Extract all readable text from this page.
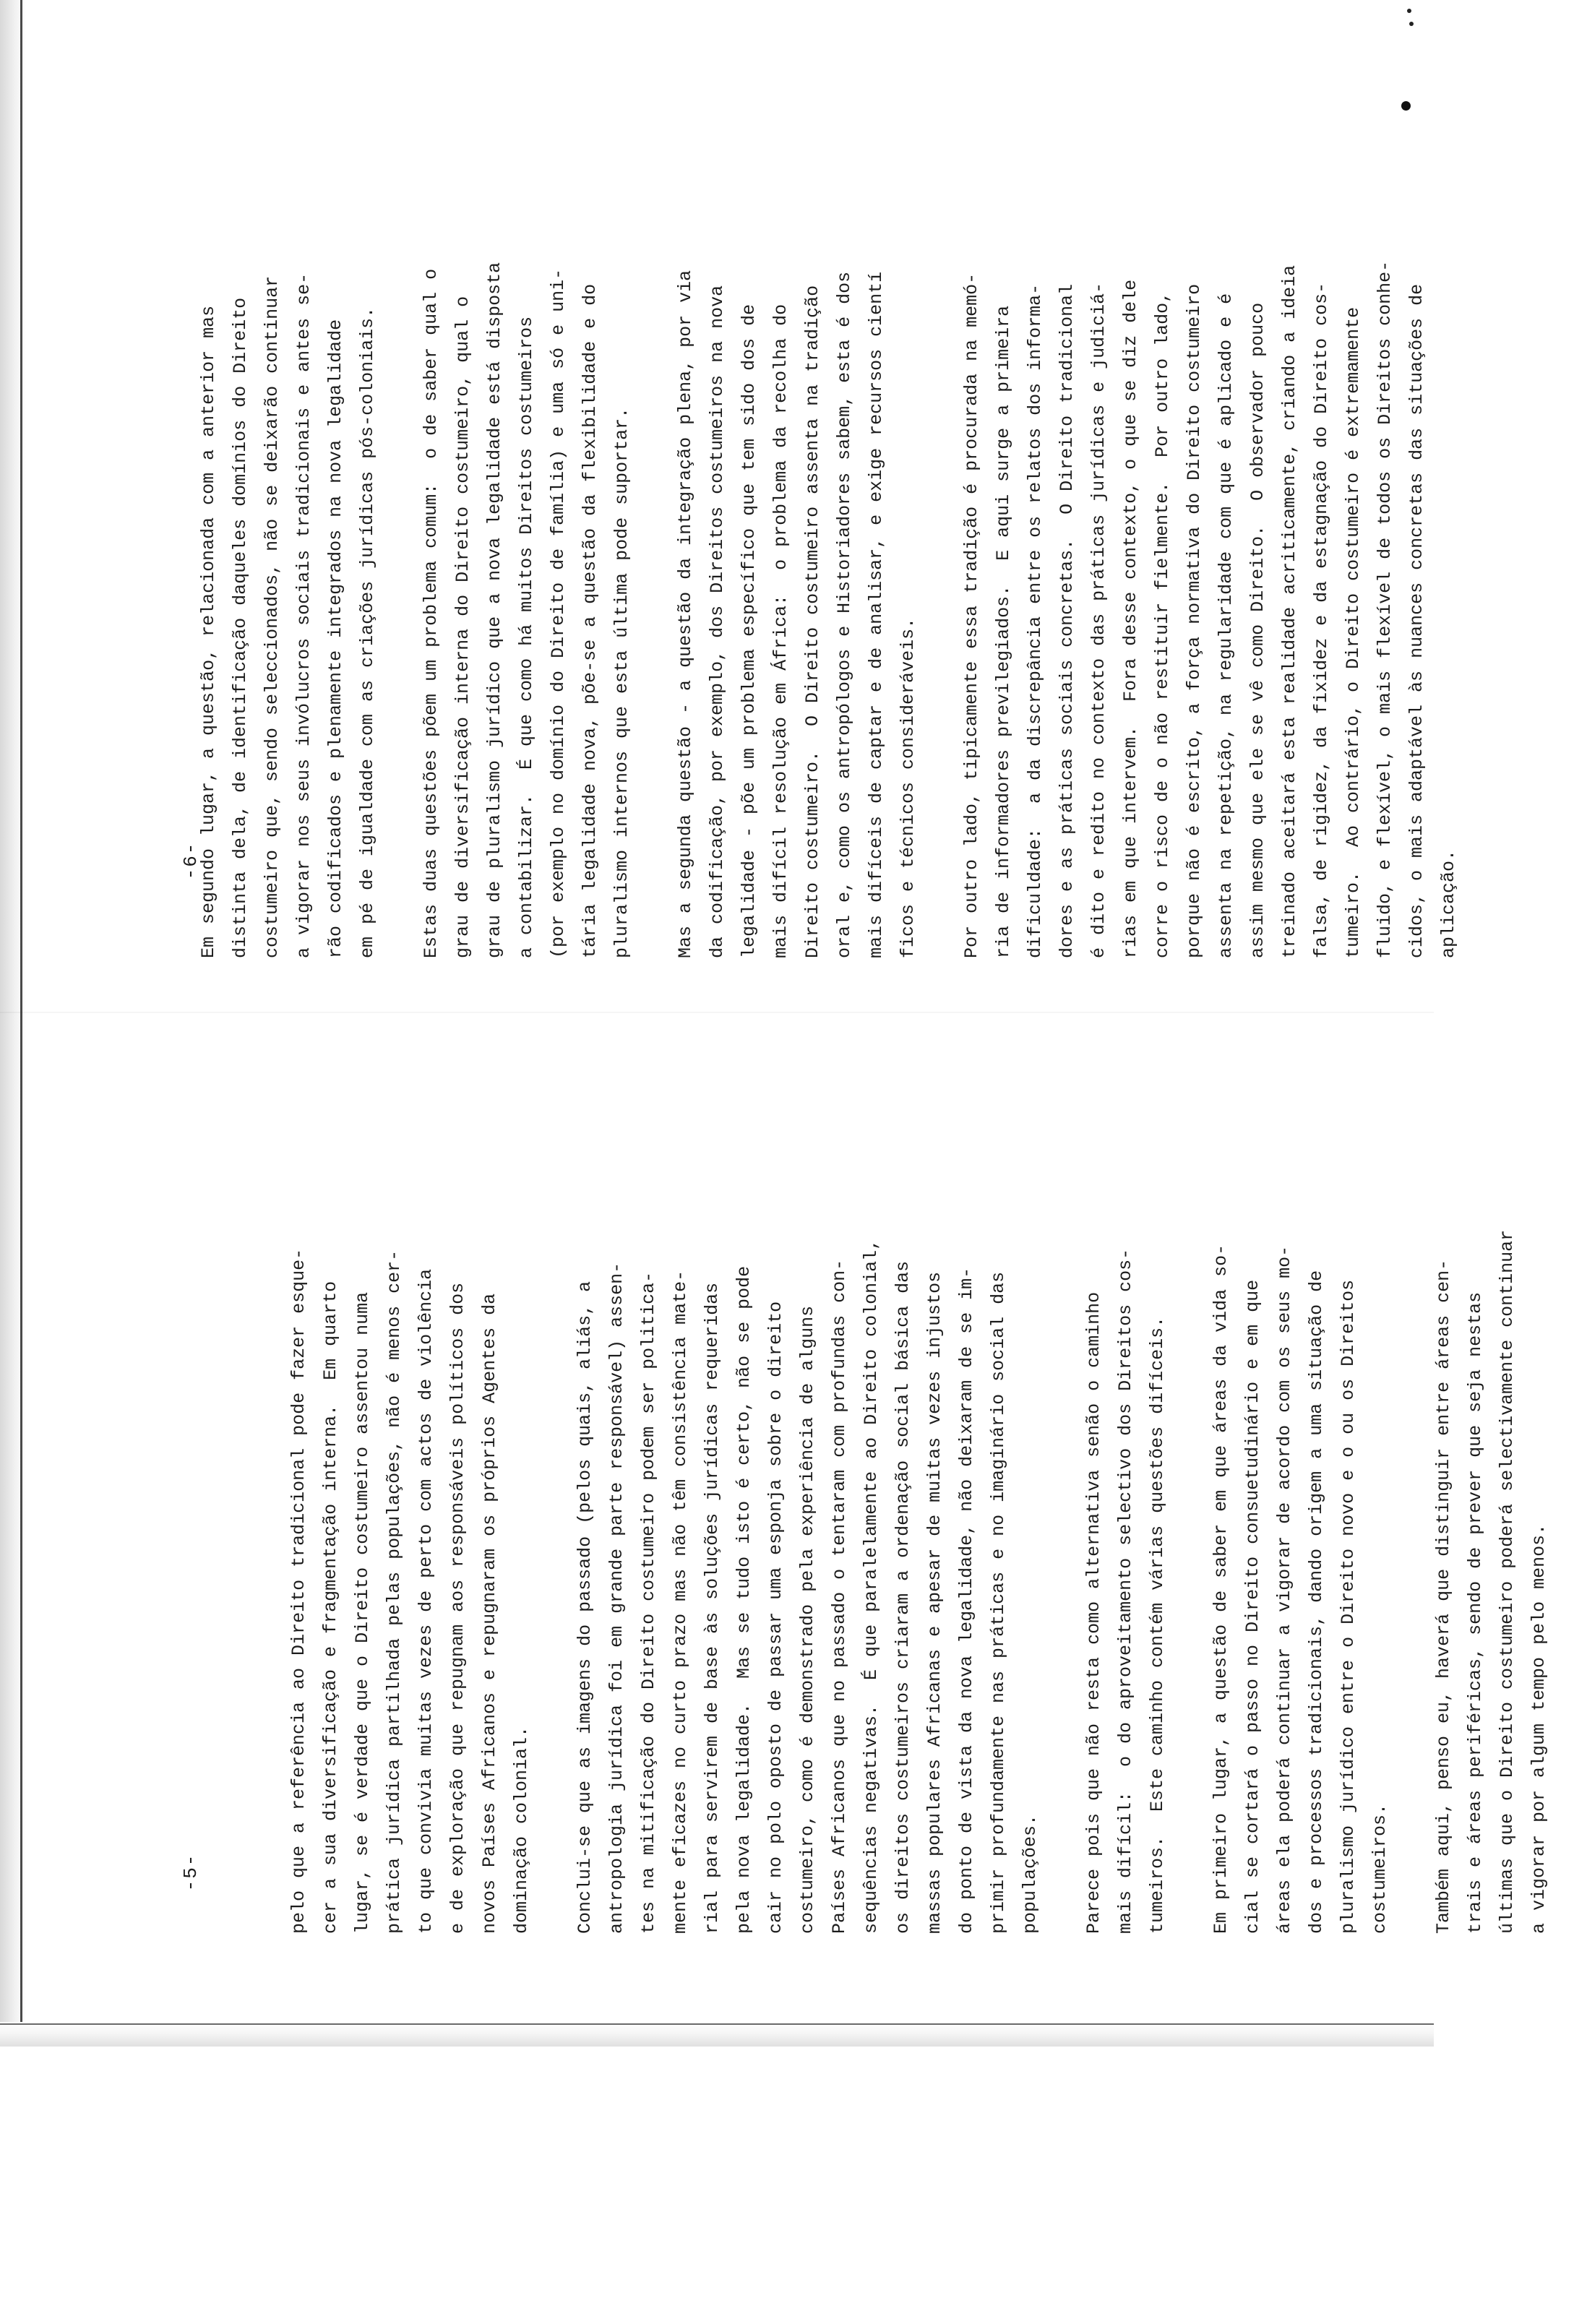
-5-

pelo que a referência ao Direito tradicional pode fazer esque-
cer a sua diversificação e fragmentação interna.  Em quarto
lugar, se é verdade que o Direito costumeiro assentou numa
prática jurídica partilhada pelas populações, não é menos cer-
to que convivia muitas vezes de perto com actos de violência
e de exploração que repugnam aos responsáveis políticos dos
novos Países Africanos e repugnaram os próprios Agentes da
dominação colonial.

Conclui-se que as imagens do passado (pelos quais, aliás, a
antropologia jurídica foi em grande parte responsável) assen-
tes na mitificação do Direito costumeiro podem ser politica-
mente eficazes no curto prazo mas não têm consistência mate-
rial para servirem de base às soluções jurídicas requeridas
pela nova legalidade.  Mas se tudo isto é certo, não se pode
cair no polo oposto de passar uma esponja sobre o direito
costumeiro, como é demonstrado pela experiência de alguns
Países Africanos que no passado o tentaram com profundas con-
sequências negativas.  É que paralelamente ao Direito colonial,
os direitos costumeiros criaram a ordenação social básica das
massas populares Africanas e apesar de muitas vezes injustos
do ponto de vista da nova legalidade, não deixaram de se im-
primir profundamente nas práticas e no imaginário social das
populações.	Parece pois que não resta como alternativa senão o caminho
mais difícil:  o do aproveitamento selectivo dos Direitos cos-
tumeiros.  Este caminho contém várias questões difíceis.

Em primeiro lugar, a questão de saber em que áreas da vida so-
cial se cortará o passo no Direito consuetudinário e em que
áreas ela poderá continuar a vigorar de acordo com os seus mo-
dos e processos tradicionais, dando origem a uma situação de
pluralismo jurídico entre o Direito novo e o ou os Direitos
costumeiros.	Também aqui, penso eu, haverá que distinguir entre áreas cen-
trais e áreas periféricas, sendo de prever que seja nestas
últimas que o Direito costumeiro poderá selectivamente continuar
a vigorar por algum tempo pelo menos.

-6-

Em segundo lugar, a questão, relacionada com a anterior mas
distinta dela, de identificação daqueles domínios do Direito
costumeiro que, sendo seleccionados, não se deixarão continuar
a vigorar nos seus invólucros sociais tradicionais e antes se-
rão codificados e plenamente integrados na nova legalidade
em pé de igualdade com as criações jurídicas pós-coloniais.

Estas duas questões põem um problema comum:  o de saber qual o
grau de diversificação interna do Direito costumeiro, qual o
grau de pluralismo jurídico que a nova legalidade está disposta
a contabilizar.  É que como há muitos Direitos costumeiros
(por exemplo no domínio do Direito de família) e uma só e uni-
tária legalidade nova, põe-se a questão da flexibilidade e do
pluralismo internos que esta última pode suportar.

Mas a segunda questão - a questão da integração plena, por via
da codificação, por exemplo, dos Direitos costumeiros na nova
legalidade - põe um problema específico que tem sido dos de
mais difícil resolução em África:  o problema da recolha do
Direito costumeiro.  O Direito costumeiro assenta na tradição
oral e, como os antropólogos e Historiadores sabem, esta é dos
mais difíceis de captar e de analisar, e exige recursos cientí
ficos e técnicos consideráveis.

Por outro lado, tipicamente essa tradição é procurada na memó-
ria de informadores previlegiados.  E aqui surge a primeira
dificuldade:  a da discrepância entre os relatos dos informa-
dores e as práticas sociais concretas.  O Direito tradicional
é dito e redito no contexto das práticas jurídicas e judiciá-
rias em que intervem.  Fora desse contexto, o que se diz dele
corre o risco de o não restituir fielmente.  Por outro lado,
porque não é escrito, a força normativa do Direito costumeiro
assenta na repetição, na regularidade com que é aplicado e é
assim mesmo que ele se vê como Direito.  O observador pouco
treinado aceitará esta realidade acriticamente, criando a ideia
falsa, de rigidez, da fixidez e da estagnação do Direito cos-
tumeiro.  Ao contrário, o Direito costumeiro é extremamente
fluido, e flexível, o mais flexível de todos os Direitos conhe-
cidos, o mais adaptável às nuances concretas das situações de
aplicação.
